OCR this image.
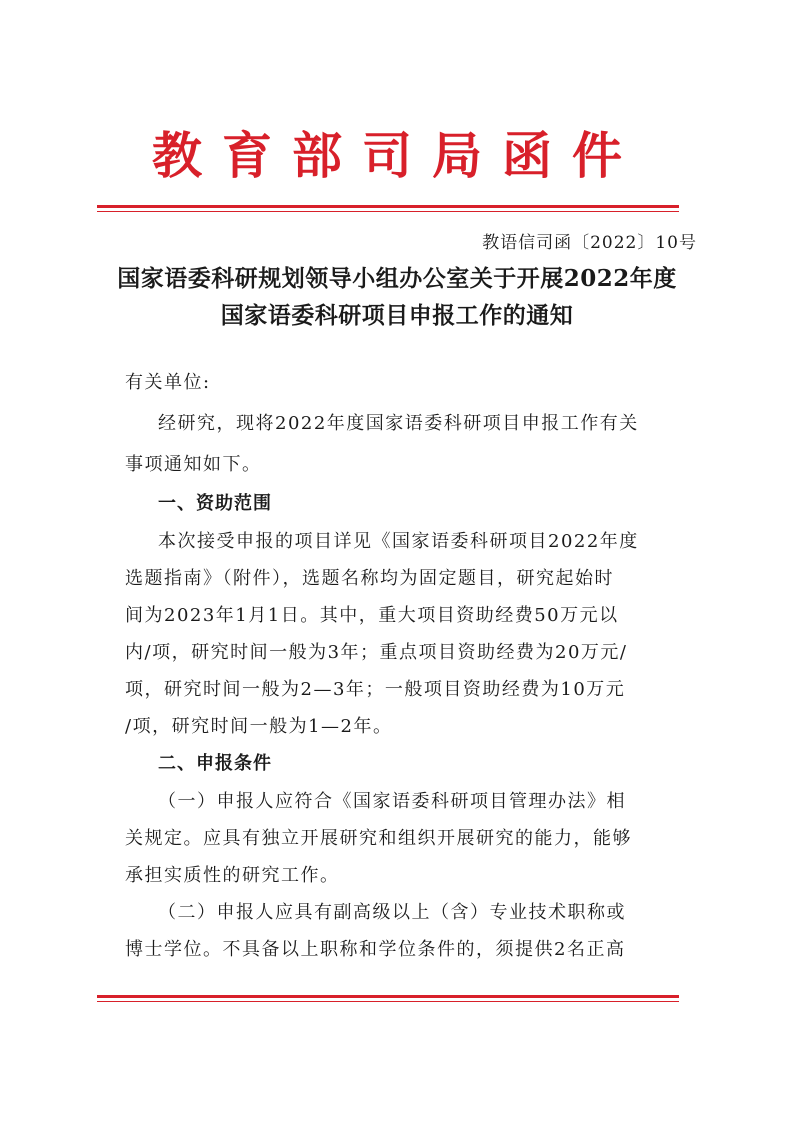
教育部司局函件
教语信司函〔2022〕10号
国家语委科研规划领导小组办公室关于开展2022年度
国家语委科研项目申报工作的通知
有关单位:
经研究，现将2022年度国家语委科研项目申报工作有关
事项通知如下。
一、资助范围
本次接受申报的项目详见《国家语委科研项目2022年度
选题指南》（附件），选题名称均为固定题目，研究起始时
间为2023年1月1日。其中，重大项目资助经费50万元以
内/项，研究时间一般为3年；重点项目资助经费为20万元/
项，研究时间一般为2—3年；一般项目资助经费为10万元
/项，研究时间一般为1—2年。
二、申报条件
（一）申报人应符合《国家语委科研项目管理办法》相
关规定。应具有独立开展研究和组织开展研究的能力，能够
承担实质性的研究工作。
（二）申报人应具有副高级以上（含）专业技术职称或
博士学位。不具备以上职称和学位条件的，须提供2名正高
